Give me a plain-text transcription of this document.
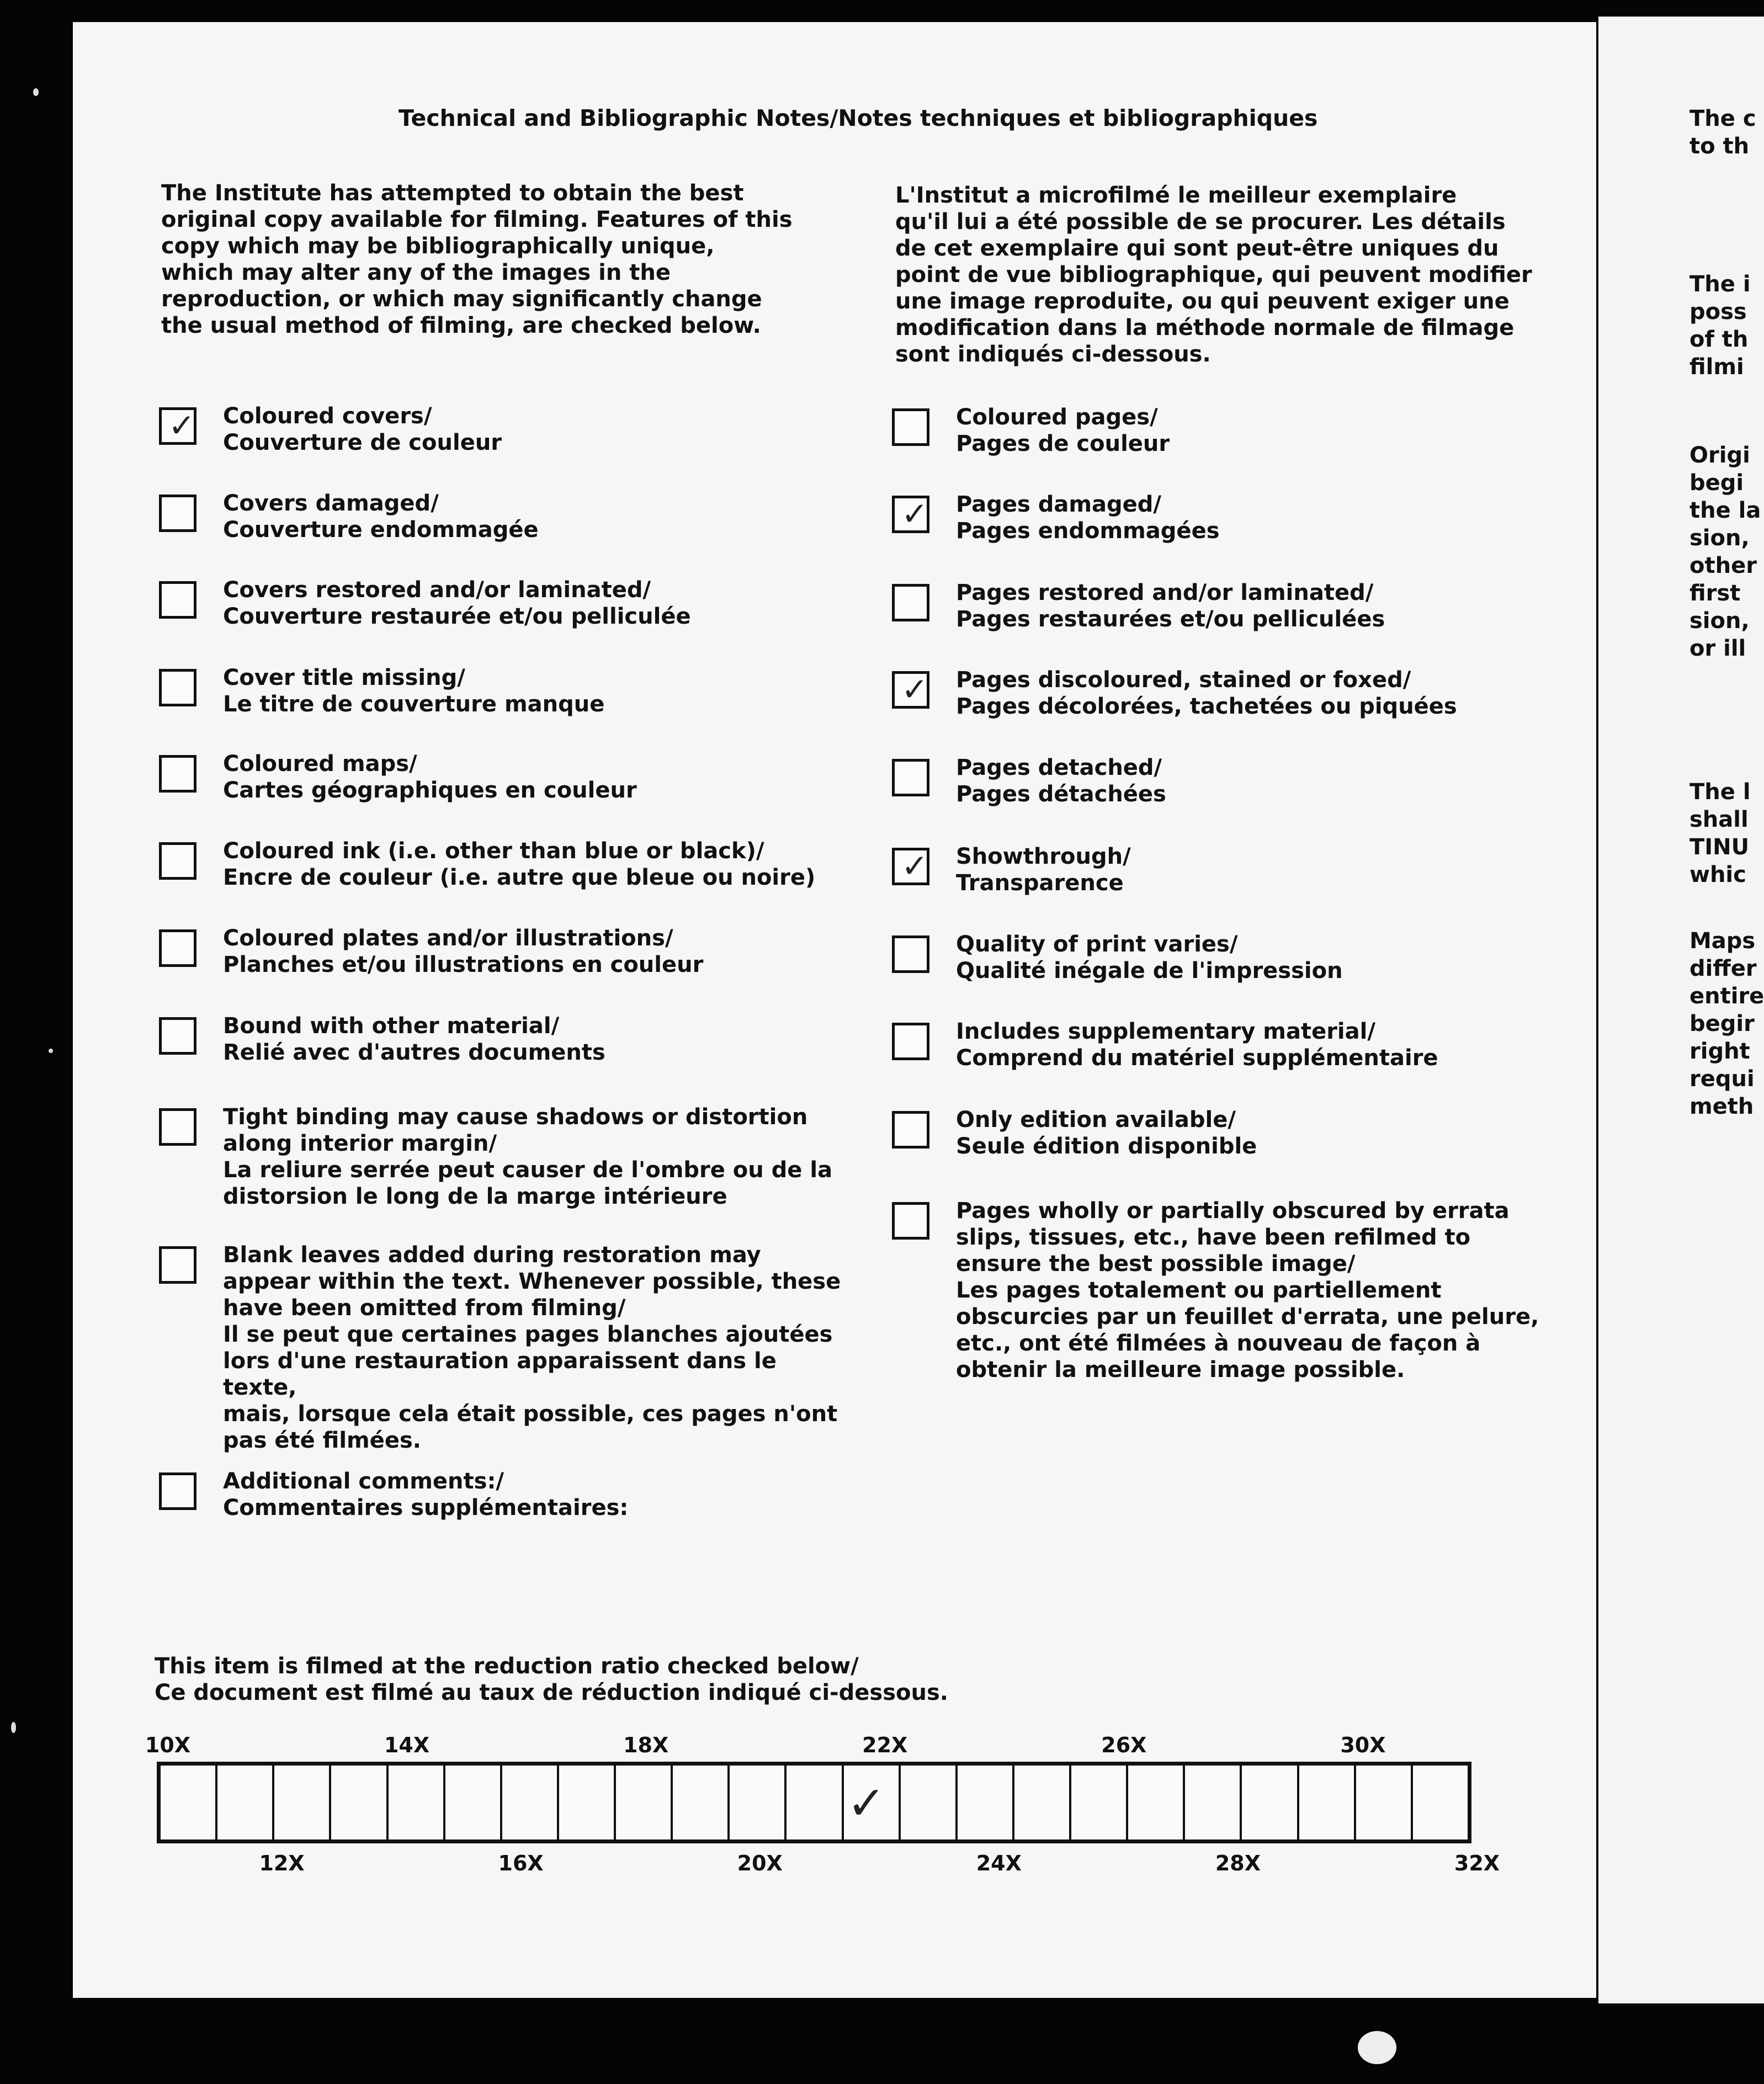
Technical and Bibliographic Notes/Notes techniques et bibliographiques
The Institute has attempted to obtain the best
original copy available for filming. Features of this
copy which may be bibliographically unique,
which may alter any of the images in the
reproduction, or which may significantly change
the usual method of filming, are checked below.
L'Institut a microfilmé le meilleur exemplaire
qu'il lui a été possible de se procurer. Les détails
de cet exemplaire qui sont peut-être uniques du
point de vue bibliographique, qui peuvent modifier
une image reproduite, ou qui peuvent exiger une
modification dans la méthode normale de filmage
sont indiqués ci-dessous.
✓ Coloured covers/
Couverture de couleur
Covers damaged/
Couverture endommagée
Covers restored and/or laminated/
Couverture restaurée et/ou pelliculée
Cover title missing/
Le titre de couverture manque
Coloured maps/
Cartes géographiques en couleur
Coloured ink (i.e. other than blue or black)/
Encre de couleur (i.e. autre que bleue ou noire)
Coloured plates and/or illustrations/
Planches et/ou illustrations en couleur
Bound with other material/
Relié avec d'autres documents
Tight binding may cause shadows or distortion
along interior margin/
La reliure serrée peut causer de l'ombre ou de la
distorsion le long de la marge intérieure
Blank leaves added during restoration may
appear within the text. Whenever possible, these
have been omitted from filming/
Il se peut que certaines pages blanches ajoutées
lors d'une restauration apparaissent dans le texte,
mais, lorsque cela était possible, ces pages n'ont
pas été filmées.
Additional comments:/
Commentaires supplémentaires:
Coloured pages/
Pages de couleur
✓ Pages damaged/
Pages endommagées
Pages restored and/or laminated/
Pages restaurées et/ou pelliculées
✓ Pages discoloured, stained or foxed/
Pages décolorées, tachetées ou piquées
Pages detached/
Pages détachées
✓ Showthrough/
Transparence
Quality of print varies/
Qualité inégale de l'impression
Includes supplementary material/
Comprend du matériel supplémentaire
Only edition available/
Seule édition disponible
Pages wholly or partially obscured by errata
slips, tissues, etc., have been refilmed to
ensure the best possible image/
Les pages totalement ou partiellement
obscurcies par un feuillet d'errata, une pelure,
etc., ont été filmées à nouveau de façon à
obtenir la meilleure image possible.
This item is filmed at the reduction ratio checked below/
Ce document est filmé au taux de réduction indiqué ci-dessous.
10X	14X	18X	22X	26X	30X
12X	16X	20X	24X	28X	32X
✓
The c
to th
The i
poss
of th
filmi
Origi
begi
the la
sion,
other
first
sion,
or ill
The l
shall
TINU
whic
Maps
differ
entire
begir
right
requi
meth
